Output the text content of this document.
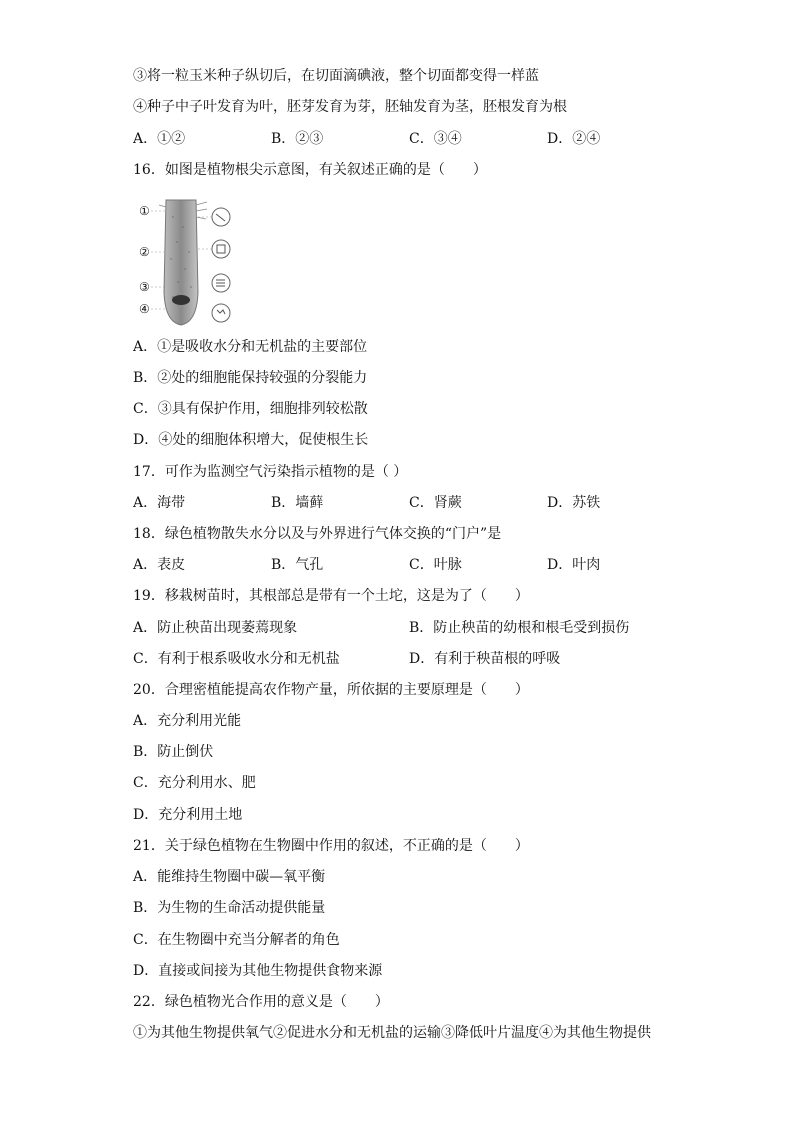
③将一粒玉米种子纵切后，在切面滴碘液，整个切面都变得一样蓝
④种子中子叶发育为叶，胚芽发育为芽，胚轴发育为茎，胚根发育为根
A．①②	B．②③	C．③④	D．②④
16．如图是植物根尖示意图，有关叙述正确的是（　　）
①
②
③
④
A．①是吸收水分和无机盐的主要部位
B．②处的细胞能保持较强的分裂能力
C．③具有保护作用，细胞排列较松散
D．④处的细胞体积增大，促使根生长
17．可作为监测空气污染指示植物的是（ ）
A．海带	B．墙藓	C．肾蕨	D．苏铁
18．绿色植物散失水分以及与外界进行气体交换的“门户”是
A．表皮	B．气孔	C．叶脉	D．叶肉
19．移栽树苗时，其根部总是带有一个土坨，这是为了（　　）
A．防止秧苗出现萎蔫现象	B．防止秧苗的幼根和根毛受到损伤
C．有利于根系吸收水分和无机盐	D．有利于秧苗根的呼吸
20．合理密植能提高农作物产量，所依据的主要原理是（　　）
A．充分利用光能
B．防止倒伏
C．充分利用水、肥
D．充分利用土地
21．关于绿色植物在生物圈中作用的叙述，不正确的是（　　）
A．能维持生物圈中碳—氧平衡
B．为生物的生命活动提供能量
C．在生物圈中充当分解者的角色
D．直接或间接为其他生物提供食物来源
22．绿色植物光合作用的意义是（　　）
①为其他生物提供氧气②促进水分和无机盐的运输③降低叶片温度④为其他生物提供
